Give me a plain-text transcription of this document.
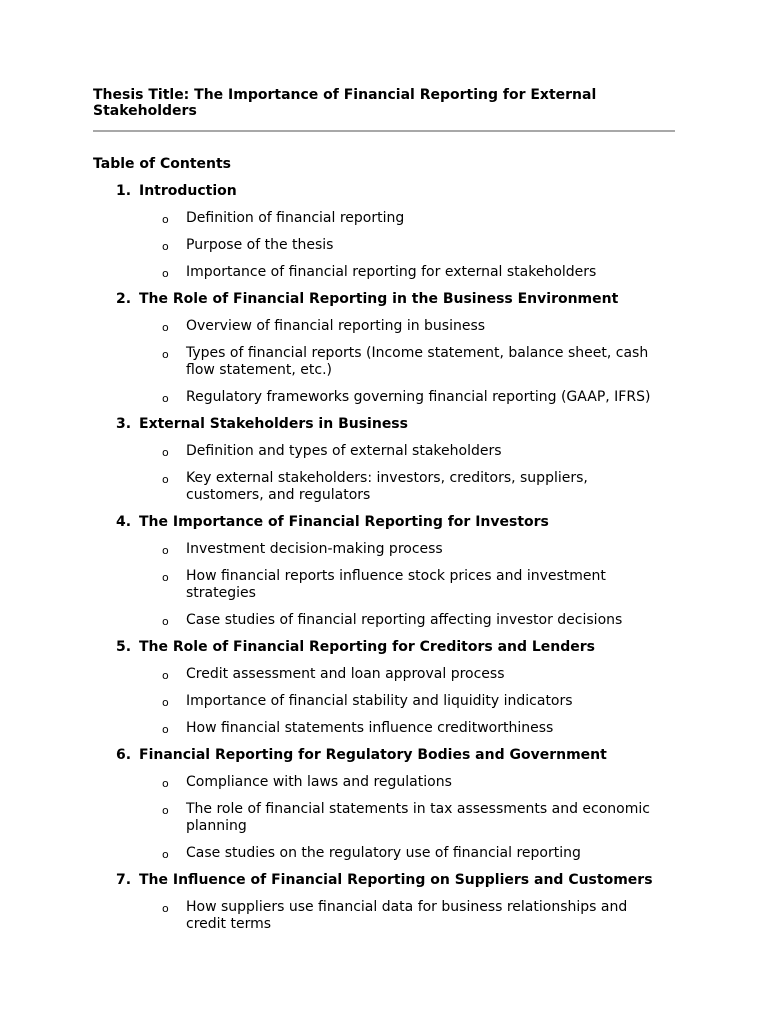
Thesis Title: The Importance of Financial Reporting for External Stakeholders
Table of Contents
1. Introduction
o Definition of financial reporting
o Purpose of the thesis
o Importance of financial reporting for external stakeholders
2. The Role of Financial Reporting in the Business Environment
o Overview of financial reporting in business
o Types of financial reports (Income statement, balance sheet, cash flow statement, etc.)
o Regulatory frameworks governing financial reporting (GAAP, IFRS)
3. External Stakeholders in Business
o Definition and types of external stakeholders
o Key external stakeholders: investors, creditors, suppliers, customers, and regulators
4. The Importance of Financial Reporting for Investors
o Investment decision-making process
o How financial reports influence stock prices and investment strategies
o Case studies of financial reporting affecting investor decisions
5. The Role of Financial Reporting for Creditors and Lenders
o Credit assessment and loan approval process
o Importance of financial stability and liquidity indicators
o How financial statements influence creditworthiness
6. Financial Reporting for Regulatory Bodies and Government
o Compliance with laws and regulations
o The role of financial statements in tax assessments and economic planning
o Case studies on the regulatory use of financial reporting
7. The Influence of Financial Reporting on Suppliers and Customers
o How suppliers use financial data for business relationships and credit terms
